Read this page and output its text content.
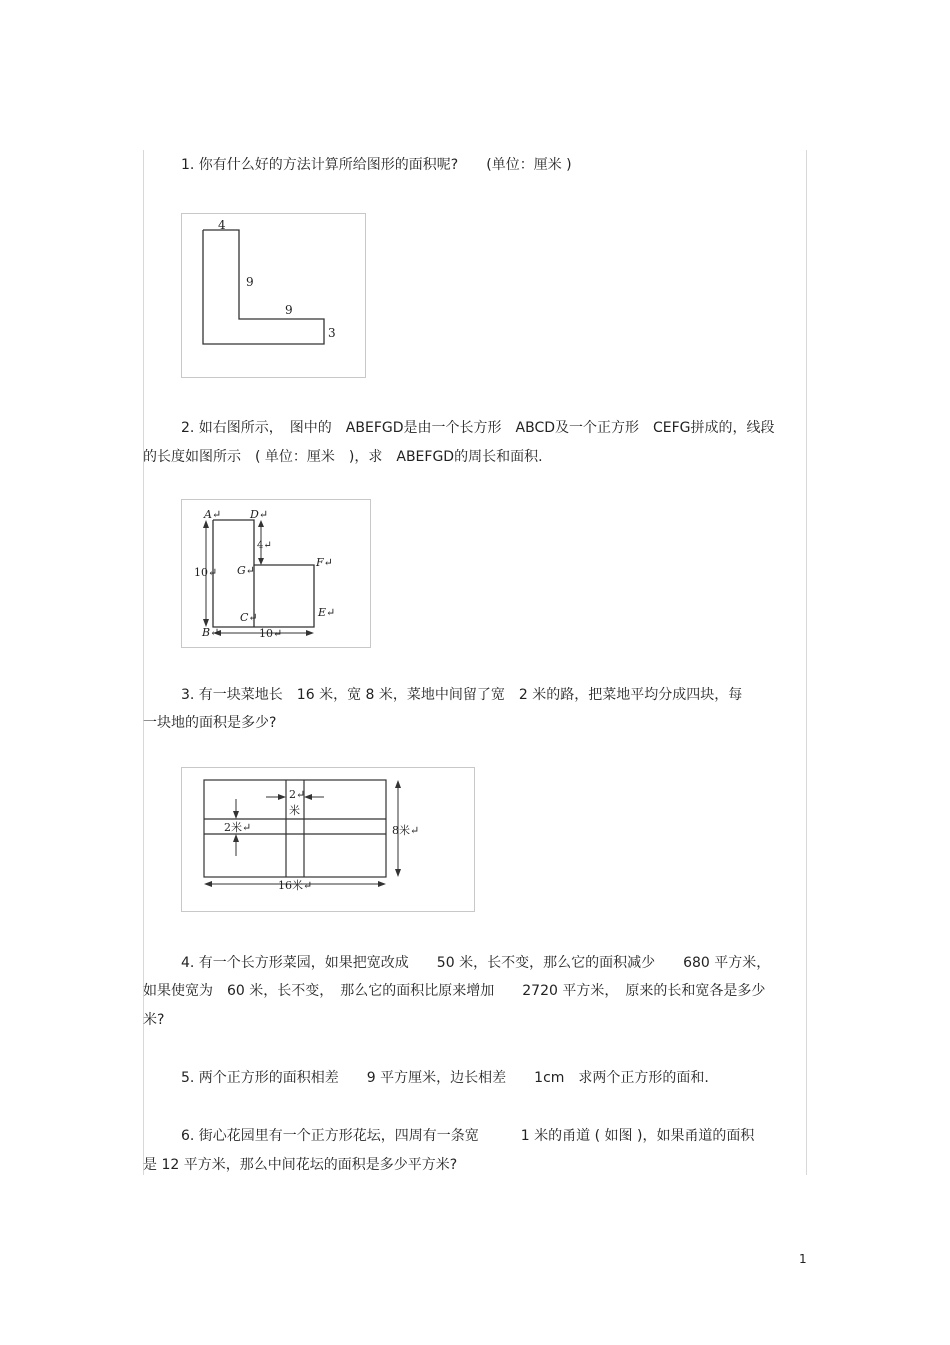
1. 你有什么好的方法计算所给图形的面积呢?　　(单位：厘米 )
4
9
9
3
2. 如右图所示，　图中的　ABEFGD是由一个长方形　ABCD及一个正方形　CEFG拼成的，线段
的长度如图所示　( 单位：厘米　)，求　ABEFGD的周长和面积.
A↵	D↵
G↵
F↵
C↵	E↵
B↵
10↵
10↵
4↵
3. 有一块菜地长　16 米，宽 8 米，菜地中间留了宽　2 米的路，把菜地平均分成四块，每
一块地的面积是多少?
2↵
米
2米↵	8米↵
16米↵
4. 有一个长方形菜园，如果把宽改成　　50 米，长不变，那么它的面积减少　　680 平方米，
如果使宽为　60 米，长不变，　那么它的面积比原来增加　　2720 平方米，　原来的长和宽各是多少
米?
5. 两个正方形的面积相差　　9 平方厘米，边长相差　　1cm　求两个正方形的面和.
6. 街心花园里有一个正方形花坛，四周有一条宽　　　1 米的甬道 ( 如图 )，如果甬道的面积
是 12 平方米，那么中间花坛的面积是多少平方米?
1
